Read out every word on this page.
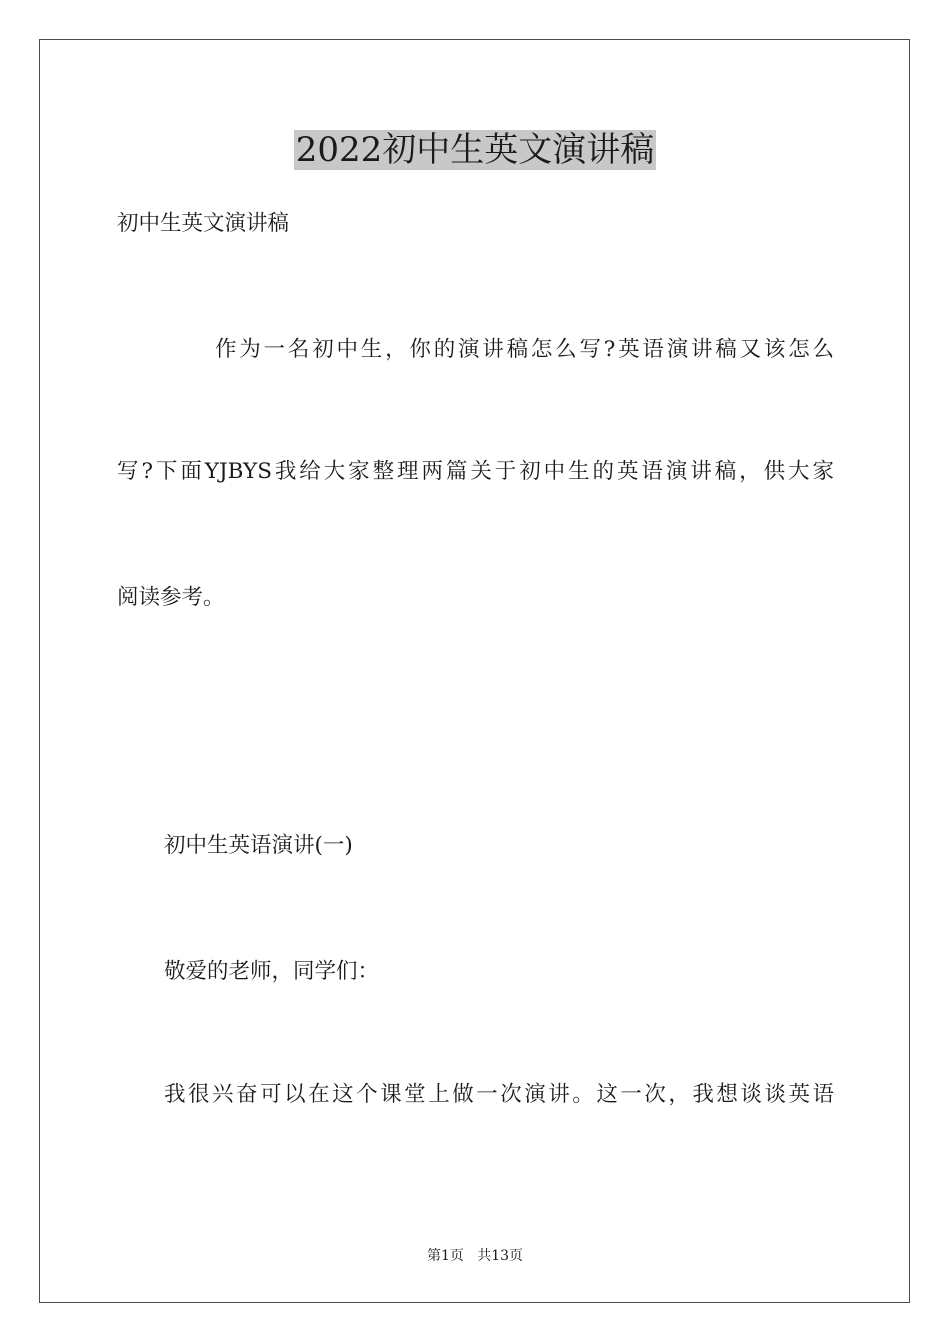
2022初中生英文演讲稿
初中生英文演讲稿
作为一名初中生，你的演讲稿怎么写?英语演讲稿又该怎么
写?下面YJBYS我给大家整理两篇关于初中生的英语演讲稿，供大家
阅读参考。
初中生英语演讲(一)
敬爱的老师，同学们：
我很兴奋可以在这个课堂上做一次演讲。这一次，我想谈谈英语
第1页   共13页
